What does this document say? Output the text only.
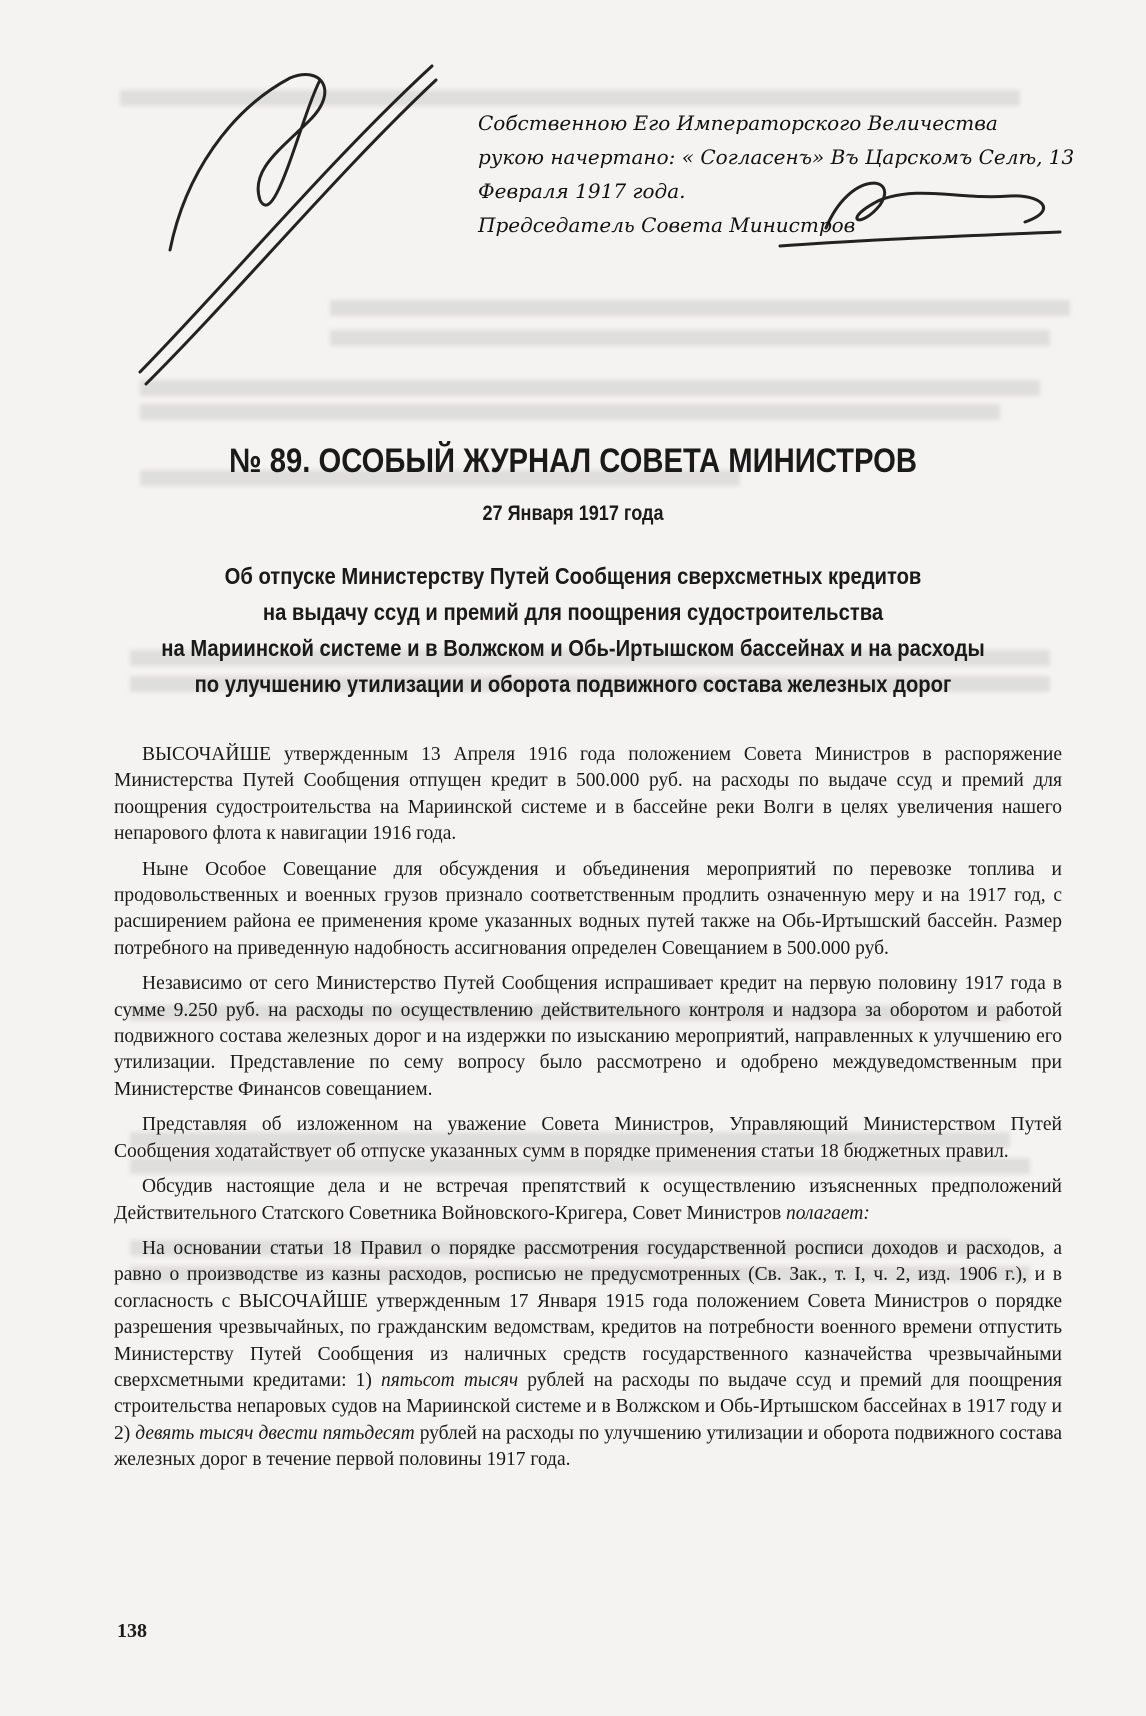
Собственною Его Императорского Величества
рукою начертано: « Согласенъ» Въ Царскомъ Селѣ, 13
Февраля 1917 года.
Председатель Совета Министров
№ 89. ОСОБЫЙ ЖУРНАЛ СОВЕТА МИНИСТРОВ
27 Января 1917 года
Об отпуске Министерству Путей Сообщения сверхсметных кредитов
на выдачу ссуд и премий для поощрения судостроительства
на Мариинской системе и в Волжском и Обь-Иртышском бассейнах и на расходы
по улучшению утилизации и оборота подвижного состава железных дорог

ВЫСОЧАЙШЕ утвержденным 13 Апреля 1916 года положением Совета Министров в распоряжение Министерства Путей Сообщения отпущен кредит в 500.000 руб. на расходы по выдаче ссуд и премий для поощрения судостроительства на Мариинской системе и в бассейне реки Волги в целях увеличения нашего непарового флота к навигации 1916 года.

Ныне Особое Совещание для обсуждения и объединения мероприятий по перевозке топлива и продовольственных и военных грузов признало соответственным продлить означенную меру и на 1917 год, с расширением района ее применения кроме указанных водных путей также на Обь-Иртышский бассейн. Размер потребного на приведенную надобность ассигнования определен Совещанием в 500.000 руб.

Независимо от сего Министерство Путей Сообщения испрашивает кредит на первую половину 1917 года в сумме 9.250 руб. на расходы по осуществлению действительного контроля и надзора за оборотом и работой подвижного состава железных дорог и на издержки по изысканию мероприятий, направленных к улучшению его утилизации. Представление по сему вопросу было рассмотрено и одобрено междуведомственным при Министерстве Финансов совещанием.

Представляя об изложенном на уважение Совета Министров, Управляющий Министерством Путей Сообщения ходатайствует об отпуске указанных сумм в порядке применения статьи 18 бюджетных правил.

Обсудив настоящие дела и не встречая препятствий к осуществлению изъясненных предположений Действительного Статского Советника Войновского-Кригера, Совет Министров полагает:

На основании статьи 18 Правил о порядке рассмотрения государственной росписи доходов и расходов, а равно о производстве из казны расходов, росписью не предусмотренных (Св. Зак., т. I, ч. 2, изд. 1906 г.), и в согласность с ВЫСОЧАЙШЕ утвержденным 17 Января 1915 года положением Совета Министров о порядке разрешения чрезвычайных, по гражданским ведомствам, кредитов на потребности военного времени отпустить Министерству Путей Сообщения из наличных средств государственного казначейства чрезвычайными сверхсметными кредитами: 1) пятьсот тысяч рублей на расходы по выдаче ссуд и премий для поощрения строительства непаровых судов на Мариинской системе и в Волжском и Обь-Иртышском бассейнах в 1917 году и 2) девять тысяч двести пятьдесят рублей на расходы по улучшению утилизации и оборота подвижного состава железных дорог в течение первой половины 1917 года.

138
